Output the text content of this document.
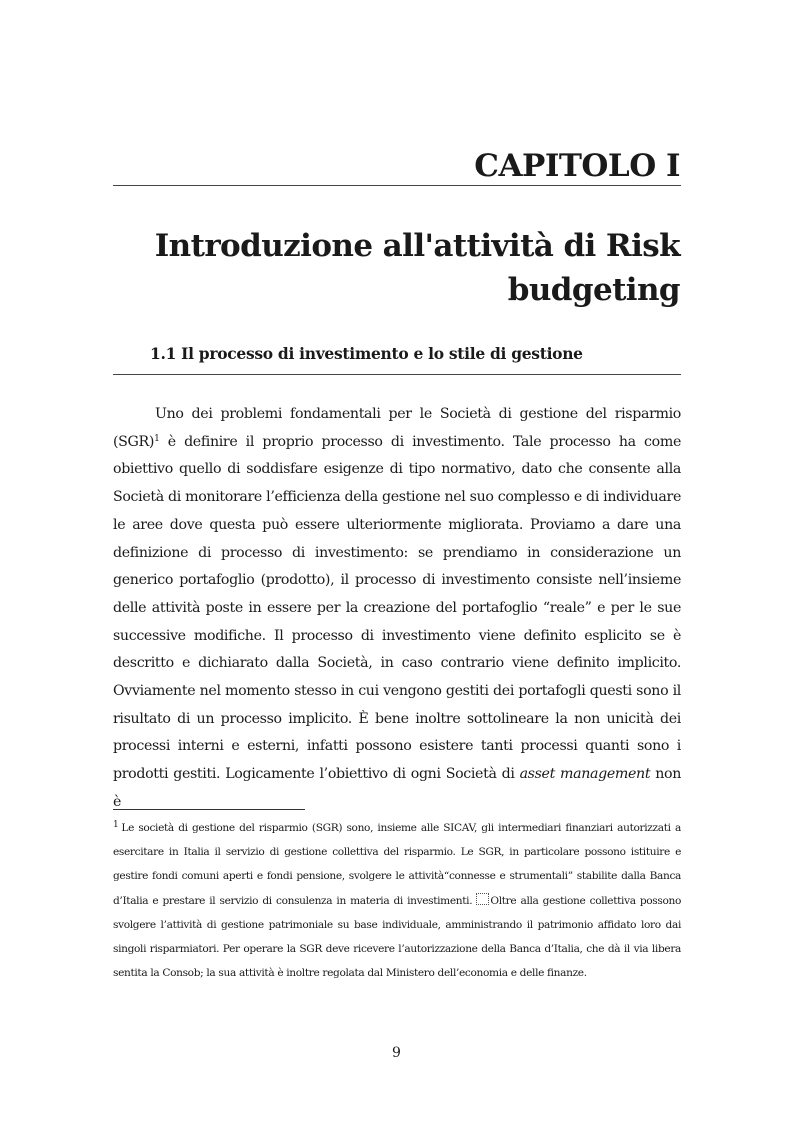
CAPITOLO I
Introduzione all'attività di Risk budgeting
1.1 Il processo di investimento e lo stile di gestione

Uno dei problemi fondamentali per le Società di gestione del risparmio (SGR)$^1$ è definire il proprio processo di investimento. Tale processo ha come obiettivo quello di soddisfare esigenze di tipo normativo, dato che consente alla Società di monitorare l’efficienza della gestione nel suo complesso e di individuare le aree dove questa può essere ulteriormente migliorata. Proviamo a dare una definizione di processo di investimento: se prendiamo in considerazione un generico portafoglio (prodotto), il processo di investimento consiste nell’insieme delle attività poste in essere per la creazione del portafoglio “reale” e per le sue successive modifiche. Il processo di investimento viene definito esplicito se è descritto e dichiarato dalla Società, in caso contrario viene definito implicito. Ovviamente nel momento stesso in cui vengono gestiti dei portafogli questi sono il risultato di un processo implicito. È bene inoltre sottolineare la non unicità dei processi interni e esterni, infatti possono esistere tanti processi quanti sono i prodotti gestiti. Logicamente l’obiettivo di ogni Società di asset management non è

$^1$ Le società di gestione del risparmio (SGR) sono, insieme alle SICAV, gli intermediari finanziari autorizzati a esercitare in Italia il servizio di gestione collettiva del risparmio. Le SGR, in particolare possono istituire e gestire fondi comuni aperti e fondi pensione, svolgere le attività“connesse e strumentali” stabilite dalla Banca d’Italia e prestare il servizio di consulenza in materia di investimenti. Oltre alla gestione collettiva possono svolgere l’attività di gestione patrimoniale su base individuale, amministrando il patrimonio affidato loro dai singoli risparmiatori. Per operare la SGR deve ricevere l’autorizzazione della Banca d’Italia, che dà il via libera sentita la Consob; la sua attività è inoltre regolata dal Ministero dell’economia e delle finanze.

9
